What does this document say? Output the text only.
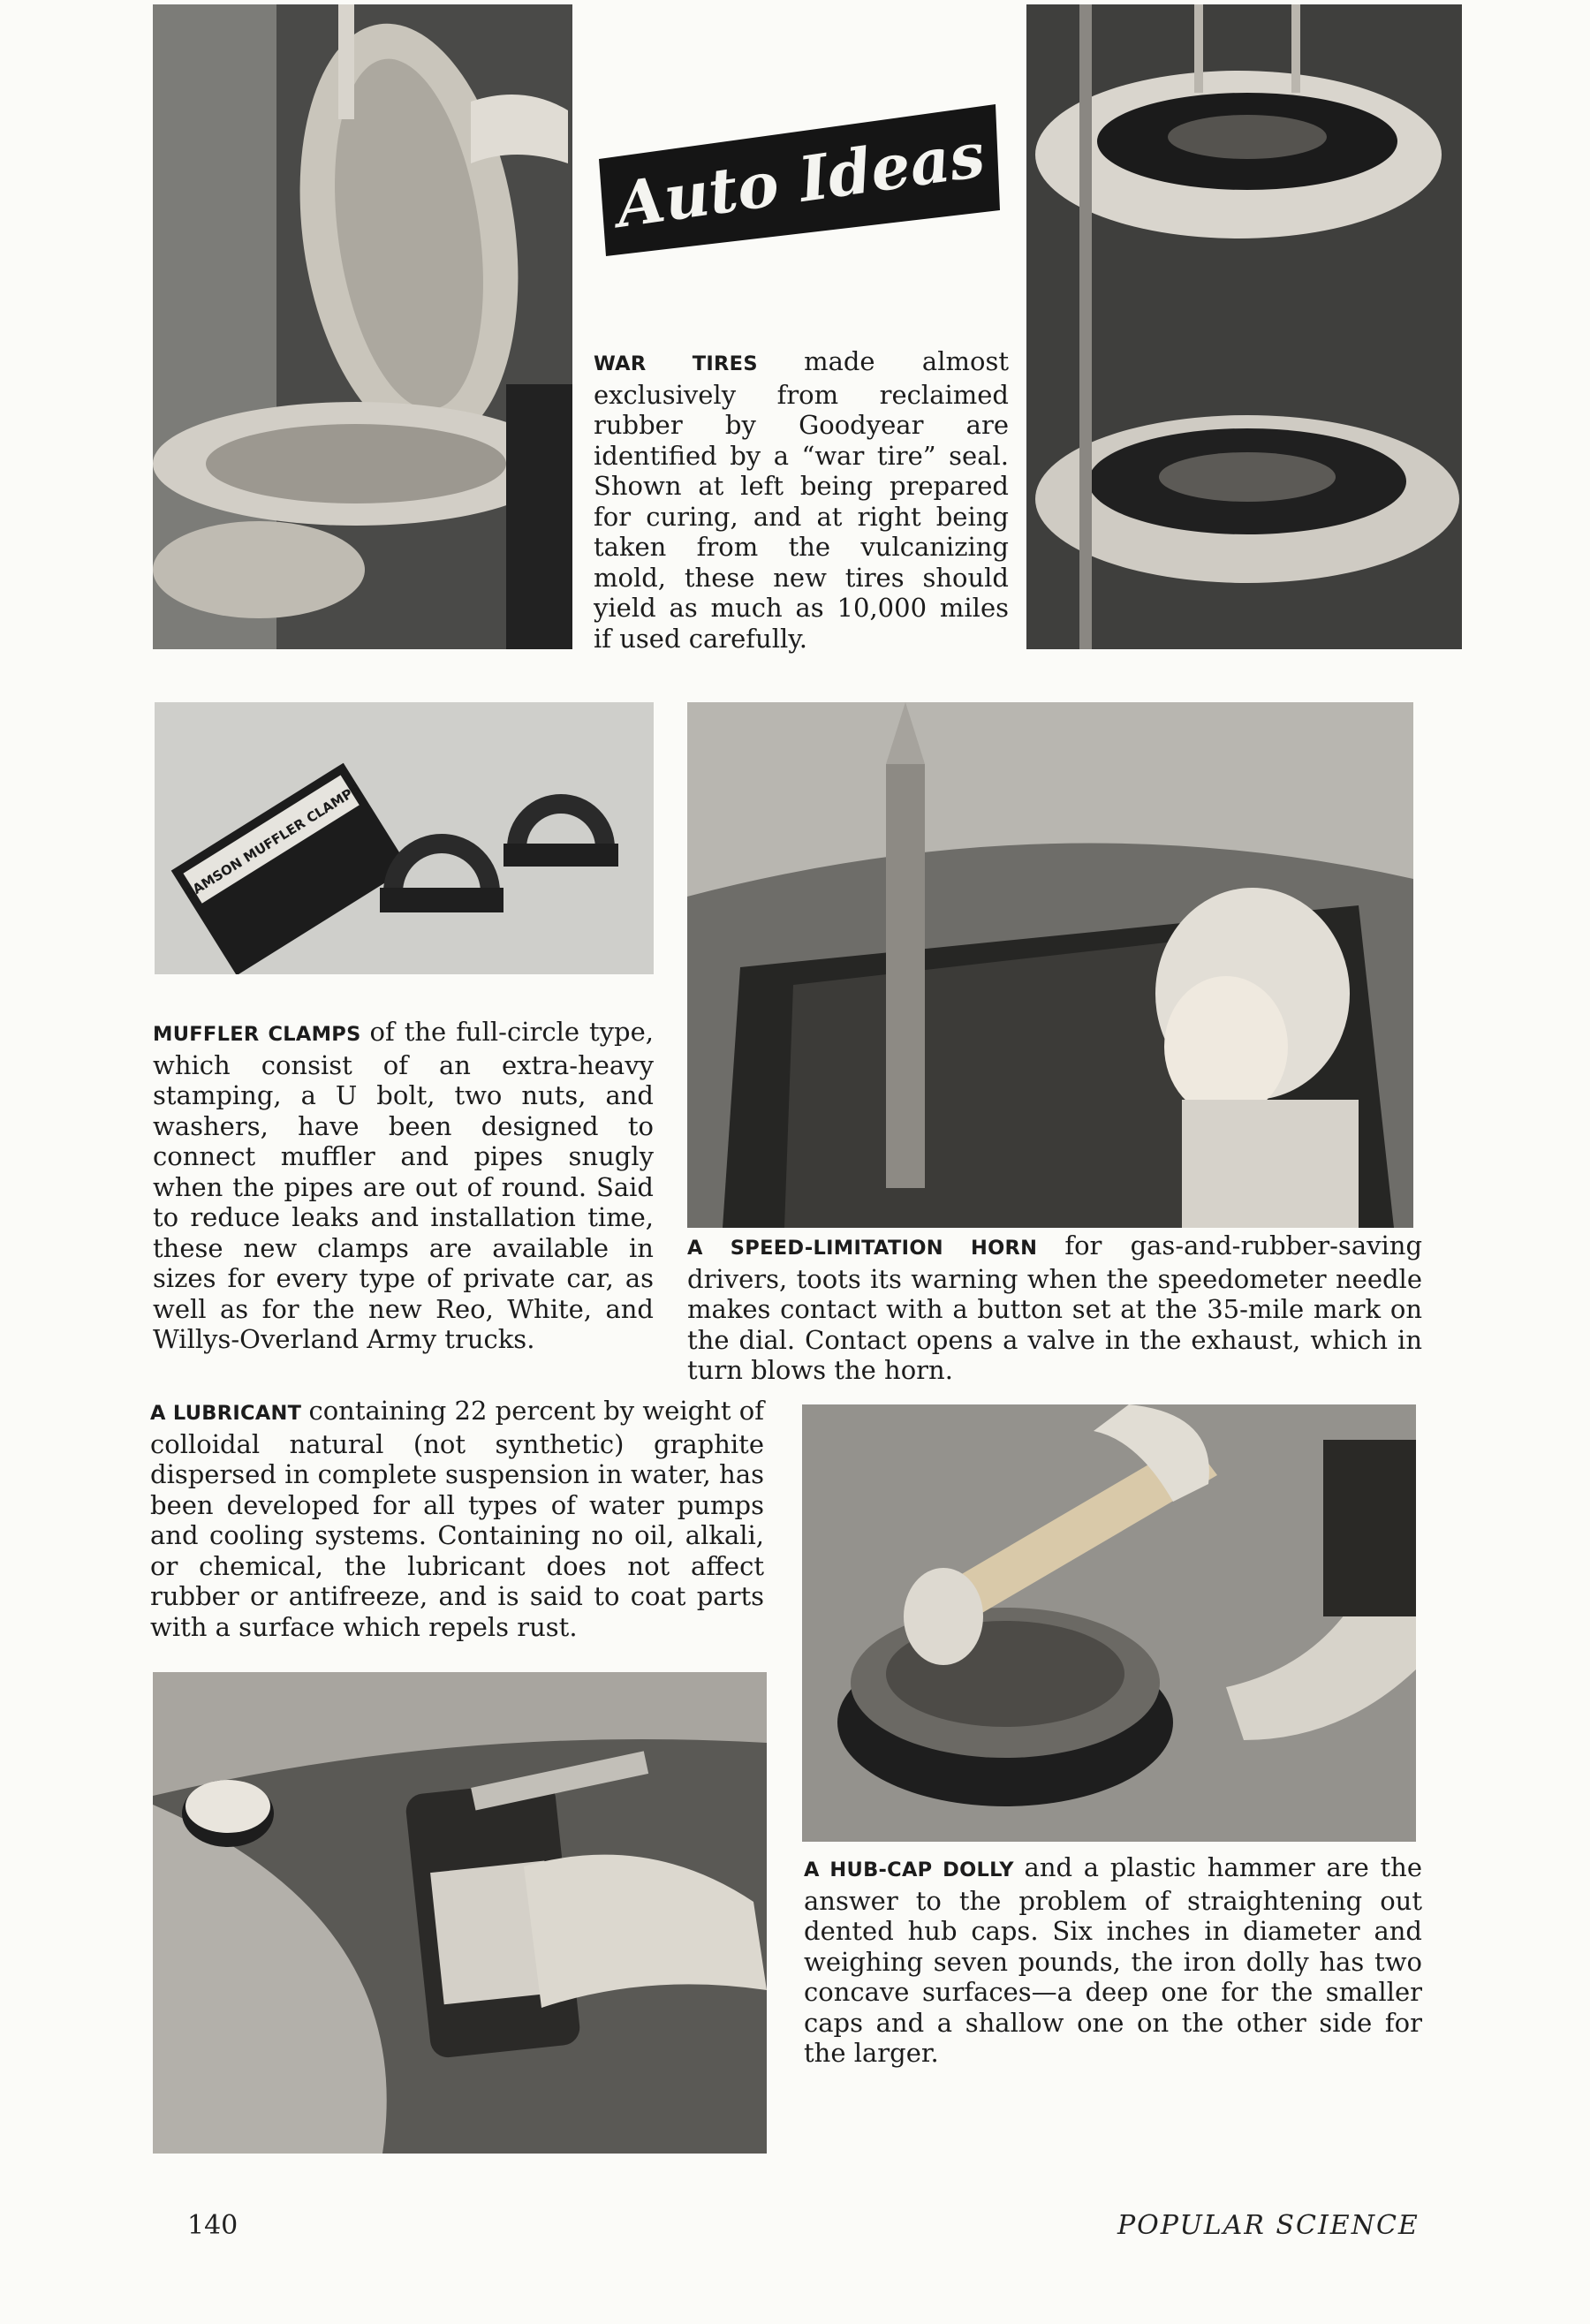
Auto Ideas
WAR TIRES made almost exclusively from reclaimed rubber by Goodyear are identified by a “war tire” seal. Shown at left being prepared for curing, and at right being taken from the vulcanizing mold, these new tires should yield as much as 10,000 miles if used carefully.
SAMSON MUFFLER CLAMPS
MUFFLER CLAMPS of the full-circle type, which consist of an extra-heavy stamping, a U bolt, two nuts, and washers, have been designed to connect muffler and pipes snugly when the pipes are out of round. Said to reduce leaks and installation time, these new clamps are available in sizes for every type of private car, as well as for the new Reo, White, and Willys-Overland Army trucks.
A SPEED-LIMITATION HORN for gas-and-rubber-saving drivers, toots its warning when the speedometer needle makes contact with a button set at the 35-mile mark on the dial. Contact opens a valve in the exhaust, which in turn blows the horn.
A LUBRICANT containing 22 percent by weight of colloidal natural (not synthetic) graphite dispersed in complete suspension in water, has been developed for all types of water pumps and cooling systems. Containing no oil, alkali, or chemical, the lubricant does not affect rubber or antifreeze, and is said to coat parts with a surface which repels rust.
A HUB-CAP DOLLY and a plastic hammer are the answer to the problem of straightening out dented hub caps. Six inches in diameter and weighing seven pounds, the iron dolly has two concave surfaces—a deep one for the smaller caps and a shallow one on the other side for the larger.
140	POPULAR SCIENCE
